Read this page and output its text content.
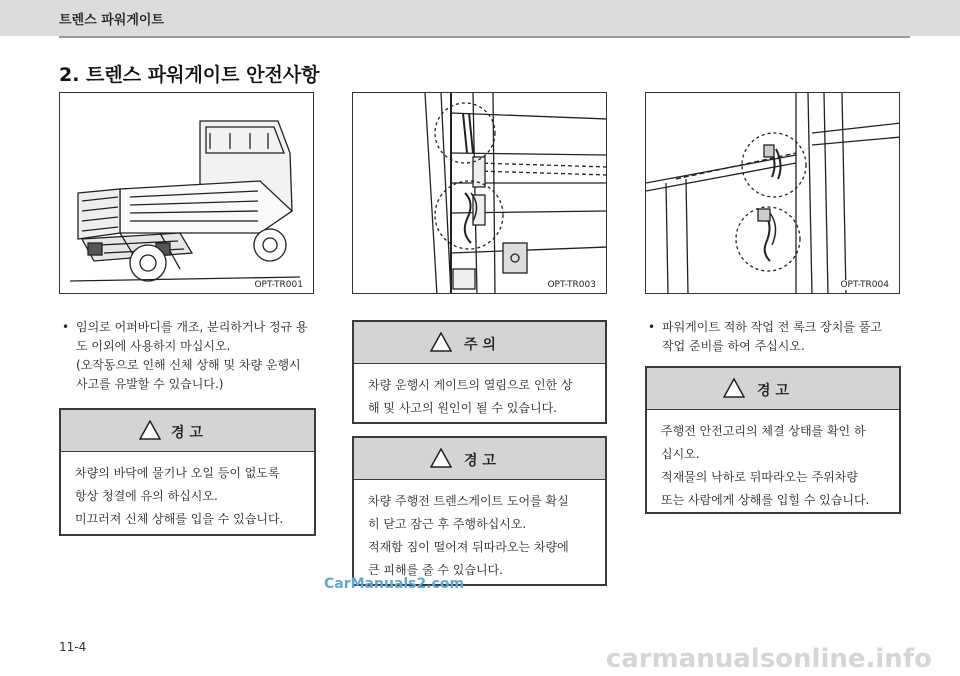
트렌스 파워게이트
2. 트렌스 파워게이트 안전사항
OPT-TR001	OPT-TR003	OPT-TR004
• 임의로 어퍼바디를 개조, 분리하거나 정규 용
도 이외에 사용하지 마십시오.
(오작동으로 인해 신체 상해 및 차량 운행시
사고를 유발할 수 있습니다.)
경 고
차량의 바닥에 물기나 오일 등이 없도록
항상 청결에 유의 하십시오.
미끄러져 신체 상해를 입을 수 있습니다.
주 의
차량 운행시 게이트의 열림으로 인한 상
해 및 사고의 원인이 될 수 있습니다.
경 고
차량 주행전 트렌스게이트 도어를 확실
히 닫고 잠근 후 주행하십시오.
적재함 짐이 떨어져 뒤따라오는 차량에
큰 피해를 줄 수 있습니다.
• 파워게이트 적하 작업 전 록크 장치를 풀고
작업 준비를 하여 주십시오.
경 고
주행전 안전고리의 체결 상태를 확인 하
십시오.
적재물의 낙하로 뒤따라오는 주위차량
또는 사람에게 상해를 입힐 수 있습니다.
CarManuals2.com
11-4	carmanualsonline.info
